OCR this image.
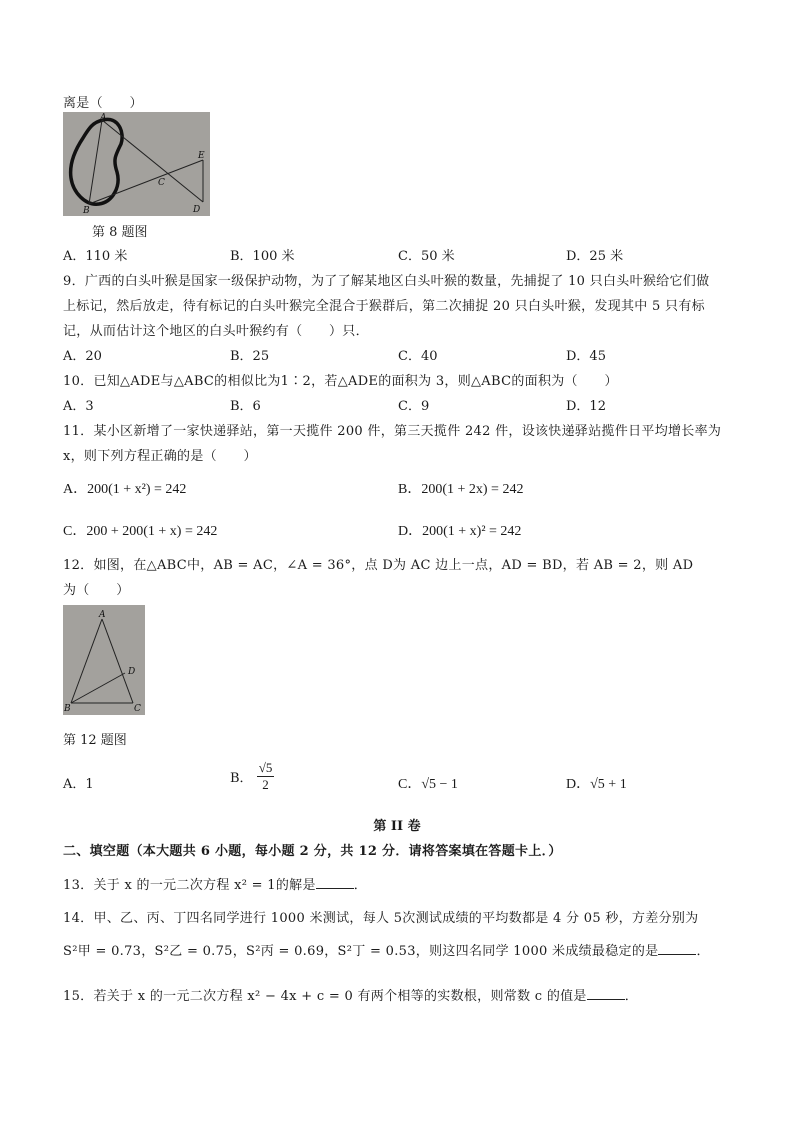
离是（　　）
A
B
C
D
E
第 8 题图
A．110 米	B．100 米	C．50 米	D．25 米
9．广西的白头叶猴是国家一级保护动物，为了了解某地区白头叶猴的数量，先捕捉了 10 只白头叶猴给它们做
上标记，然后放走，待有标记的白头叶猴完全混合于猴群后，第二次捕捉 20 只白头叶猴，发现其中 5 只有标
记，从而估计这个地区的白头叶猴约有（　　）只．
A．20	B．25	C．40	D．45
10．已知△ADE与△ABC的相似比为1∶2，若△ADE的面积为 3，则△ABC的面积为（　　）
A．3	B．6	C．9	D．12
11．某小区新增了一家快递驿站，第一天揽件 200 件，第三天揽件 242 件，设该快递驿站揽件日平均增长率为
x，则下列方程正确的是（　　）
A．200(1 + x²) = 242	B．200(1 + 2x) = 242
C．200 + 200(1 + x) = 242	D．200(1 + x)² = 242
12．如图，在△ABC中，AB = AC，∠A = 36°，点 D为 AC 边上一点，AD = BD，若 AB = 2，则 AD
为（　　）
A
B	C
D
第 12 题图
A．1	B． $\frac{√5}{2}$	C．√5 − 1	D．√5 + 1
第 II 卷
二、填空题（本大题共 6 小题，每小题 2 分，共 12 分．请将答案填在答题卡上．）
13．关于 x 的一元二次方程 x² = 1的解是	．
14．甲、乙、丙、丁四名同学进行 1000 米测试，每人 5次测试成绩的平均数都是 4 分 05 秒，方差分别为
S²甲 = 0.73，S²乙 = 0.75，S²丙 = 0.69，S²丁 = 0.53，则这四名同学 1000 米成绩最稳定的是	．
15．若关于 x 的一元二次方程 x² − 4x + c = 0 有两个相等的实数根，则常数 c 的值是	．
